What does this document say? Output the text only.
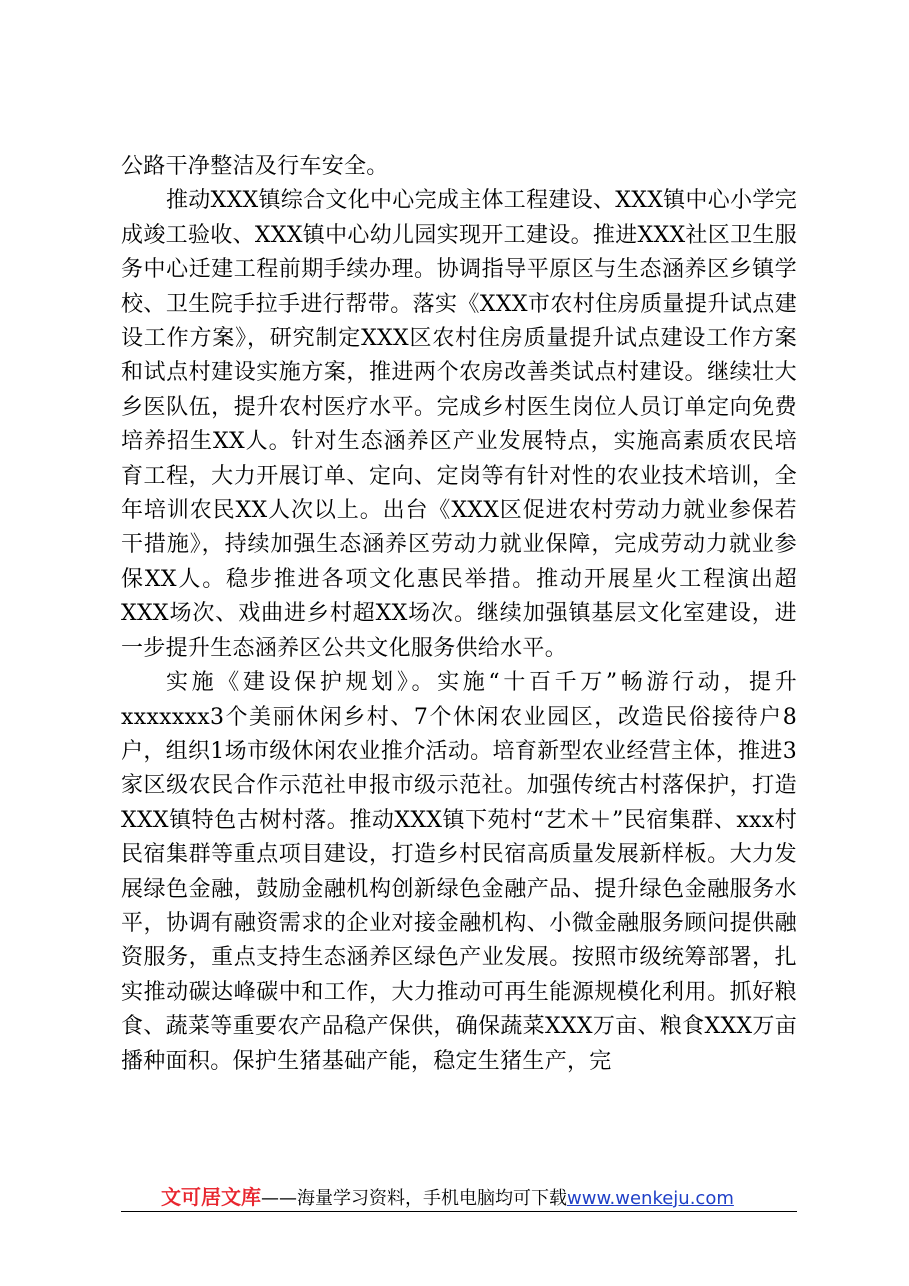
公路干净整洁及行车安全。

推动XXX镇综合文化中心完成主体工程建设、XXX镇中心小学完成竣工验收、XXX镇中心幼儿园实现开工建设。推进XXX社区卫生服务中心迁建工程前期手续办理。协调指导平原区与生态涵养区乡镇学校、卫生院手拉手进行帮带。落实《XXX市农村住房质量提升试点建设工作方案》，研究制定XXX区农村住房质量提升试点建设工作方案和试点村建设实施方案，推进两个农房改善类试点村建设。继续壮大乡医队伍，提升农村医疗水平。完成乡村医生岗位人员订单定向免费培养招生XX人。针对生态涵养区产业发展特点，实施高素质农民培育工程，大力开展订单、定向、定岗等有针对性的农业技术培训，全年培训农民XX人次以上。出台《XXX区促进农村劳动力就业参保若干措施》，持续加强生态涵养区劳动力就业保障，完成劳动力就业参保XX人。稳步推进各项文化惠民举措。推动开展星火工程演出超XXX场次、戏曲进乡村超XX场次。继续加强镇基层文化室建设，进一步提升生态涵养区公共文化服务供给水平。

实施《建设保护规划》。实施“十百千万”畅游行动，提升xxxxxxx3个美丽休闲乡村、7个休闲农业园区，改造民俗接待户8户，组织1场市级休闲农业推介活动。培育新型农业经营主体，推进3家区级农民合作示范社申报市级示范社。加强传统古村落保护，打造XXX镇特色古树村落。推动XXX镇下苑村“艺术＋”民宿集群、xxx村民宿集群等重点项目建设，打造乡村民宿高质量发展新样板。大力发展绿色金融，鼓励金融机构创新绿色金融产品、提升绿色金融服务水平，协调有融资需求的企业对接金融机构、小微金融服务顾问提供融资服务，重点支持生态涵养区绿色产业发展。按照市级统筹部署，扎实推动碳达峰碳中和工作，大力推动可再生能源规模化利用。抓好粮食、蔬菜等重要农产品稳产保供，确保蔬菜XXX万亩、粮食XXX万亩播种面积。保护生猪基础产能，稳定生猪生产，完

文可居文库——海量学习资料，手机电脑均可下载www.wenkeju.com
